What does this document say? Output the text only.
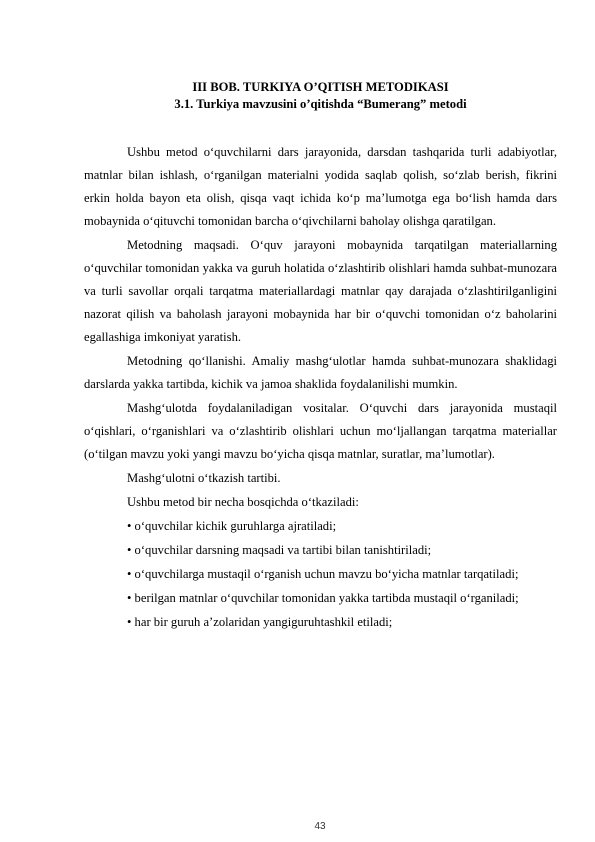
III BOB. TURKIYA O’QITISH METODIKASI
3.1. Turkiya mavzusini o’qitishda “Bumerang” metodi

Ushbu metod o‘quvchilarni dars jarayonida, darsdan tashqarida turli adabiyotlar, matnlar bilan ishlash, o‘rganilgan materialni yodida saqlab qolish, so‘zlab berish, fikrini erkin holda bayon eta olish, qisqa vaqt ichida ko‘p ma’lumotga ega bo‘lish hamda dars mobaynida o‘qituvchi tomonidan barcha o‘qivchilarni baholay olishga qaratilgan.

Metodning maqsadi. O‘quv jarayoni mobaynida tarqatilgan materiallarning o‘quvchilar tomonidan yakka va guruh holatida o‘zlashtirib olishlari hamda suhbat-munozara va turli savollar orqali tarqatma materiallardagi matnlar qay darajada o‘zlashtirilganligini nazorat qilish va baholash jarayoni mobaynida har bir o‘quvchi tomonidan o‘z baholarini egallashiga imkoniyat yaratish.

Metodning qo‘llanishi. Amaliy mashg‘ulotlar hamda suhbat-munozara shaklidagi darslarda yakka tartibda, kichik va jamoa shaklida foydalanilishi mumkin.

Mashg‘ulotda foydalaniladigan vositalar. O‘quvchi dars jarayonida mustaqil o‘qishlari, o‘rganishlari va o‘zlashtirib olishlari uchun mo‘ljallangan tarqatma materiallar (o‘tilgan mavzu yoki yangi mavzu bo‘yicha qisqa matnlar, suratlar, ma’lumotlar).

Mashg‘ulotni o‘tkazish tartibi.

Ushbu metod bir necha bosqichda o‘tkaziladi:

• o‘quvchilar kichik guruhlarga ajratiladi;

• o‘quvchilar darsning maqsadi va tartibi bilan tanishtiriladi;

• o‘quvchilarga mustaqil o‘rganish uchun mavzu bo‘yicha matnlar tarqatiladi;

• berilgan matnlar o‘quvchilar tomonidan yakka tartibda mustaqil o‘rganiladi;

• har bir guruh a’zolaridan yangiguruhtashkil etiladi;

43
